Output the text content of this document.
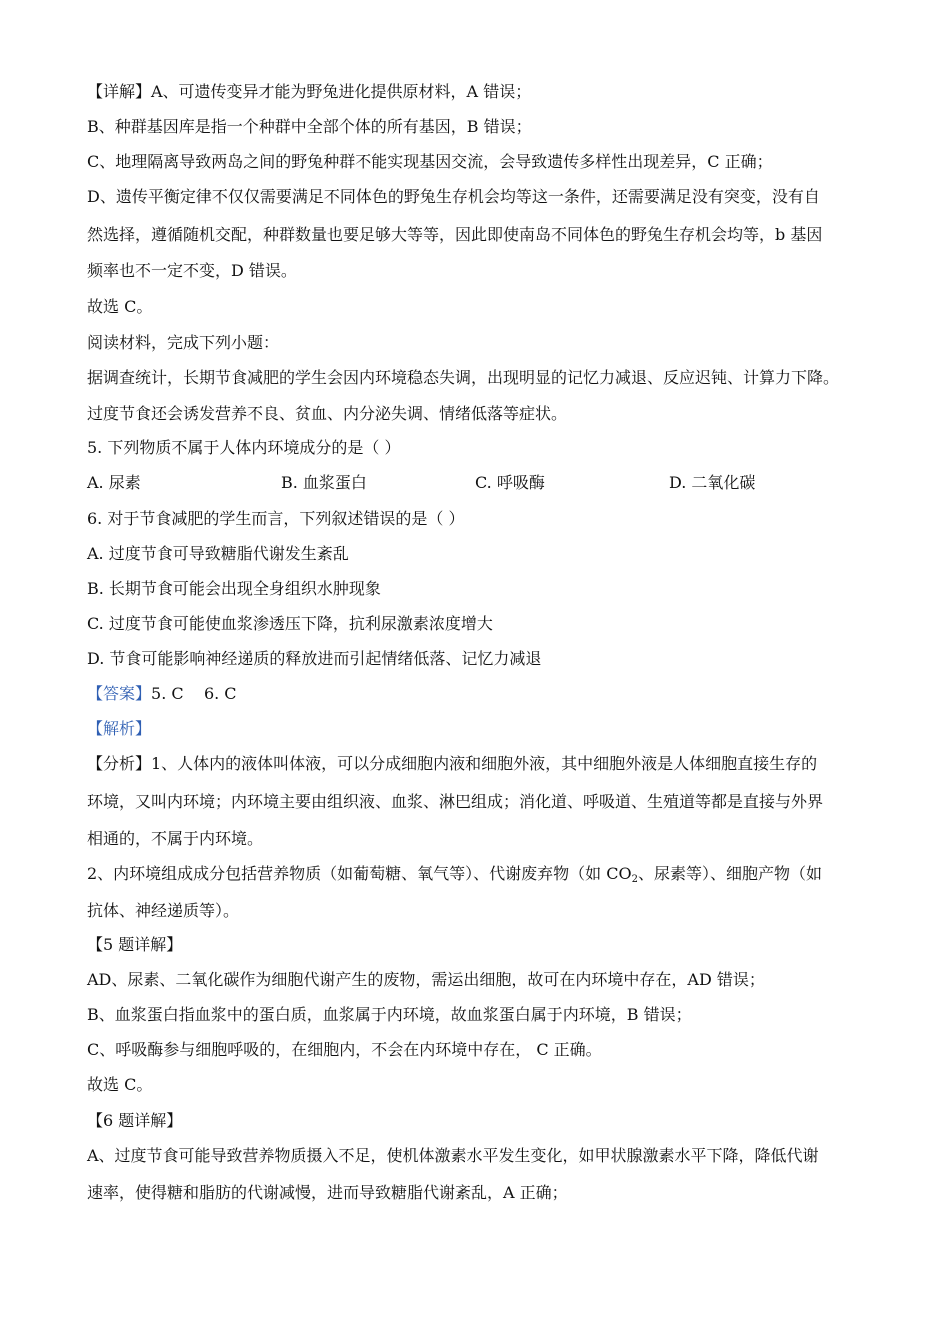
【详解】A、可遗传变异才能为野兔进化提供原材料，A 错误；
B、种群基因库是指一个种群中全部个体的所有基因，B 错误；
C、地理隔离导致两岛之间的野兔种群不能实现基因交流，会导致遗传多样性出现差异，C 正确；
D、遗传平衡定律不仅仅需要满足不同体色的野兔生存机会均等这一条件，还需要满足没有突变，没有自
然选择，遵循随机交配，种群数量也要足够大等等，因此即使南岛不同体色的野兔生存机会均等，b 基因
频率也不一定不变，D 错误。
故选 C。
阅读材料，完成下列小题：
据调查统计，长期节食减肥的学生会因内环境稳态失调，出现明显的记忆力减退、反应迟钝、计算力下降。
过度节食还会诱发营养不良、贫血、内分泌失调、情绪低落等症状。
5. 下列物质不属于人体内环境成分的是（ ）
A. 尿素	B. 血浆蛋白	C. 呼吸酶	D. 二氧化碳
6. 对于节食减肥的学生而言，下列叙述错误的是（ ）
A. 过度节食可导致糖脂代谢发生紊乱
B. 长期节食可能会出现全身组织水肿现象
C. 过度节食可能使血浆渗透压下降，抗利尿激素浓度增大
D. 节食可能影响神经递质的释放进而引起情绪低落、记忆力减退
【答案】5. C    6. C
【解析】
【分析】1、人体内的液体叫体液，可以分成细胞内液和细胞外液，其中细胞外液是人体细胞直接生存的
环境，又叫内环境；内环境主要由组织液、血浆、淋巴组成；消化道、呼吸道、生殖道等都是直接与外界
相通的，不属于内环境。
2、内环境组成成分包括营养物质（如葡萄糖、氧气等）、代谢废弃物（如 $CO_2$、尿素等）、细胞产物（如
抗体、神经递质等）。
【5 题详解】
AD、尿素、二氧化碳作为细胞代谢产生的废物，需运出细胞，故可在内环境中存在，AD 错误；
B、血浆蛋白指血浆中的蛋白质，血浆属于内环境，故血浆蛋白属于内环境，B 错误；
C、呼吸酶参与细胞呼吸的，在细胞内，不会在内环境中存在， C 正确。
故选 C。
【6 题详解】
A、过度节食可能导致营养物质摄入不足，使机体激素水平发生变化，如甲状腺激素水平下降，降低代谢
速率，使得糖和脂肪的代谢减慢，进而导致糖脂代谢紊乱，A 正确；
